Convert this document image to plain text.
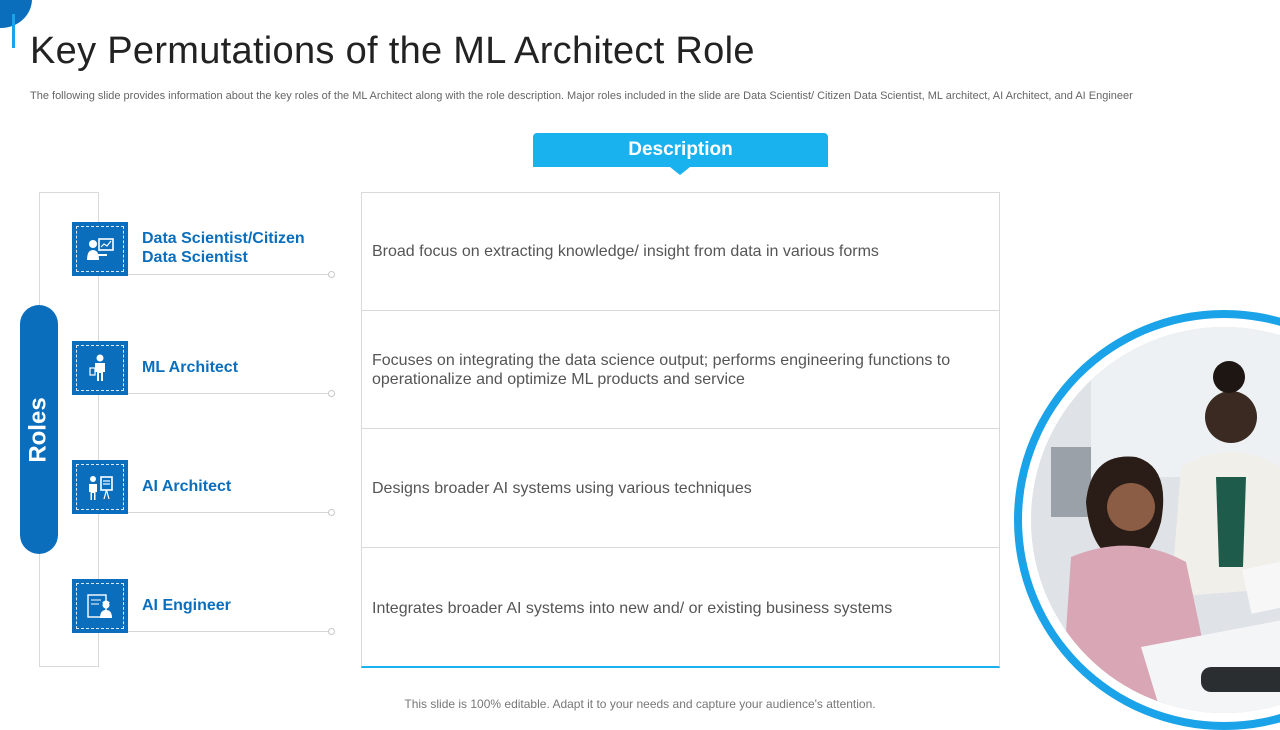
Key Permutations of the ML Architect Role

The following slide provides information about the key roles of the ML Architect along with the role description. Major roles included in the slide are Data Scientist/ Citizen Data Scientist, ML architect, AI Architect, and AI Engineer

Description
Roles
Data Scientist/Citizen Data Scientist
ML Architect
AI Architect
AI Engineer
Broad focus on extracting knowledge/ insight from data in various forms
Focuses on integrating the data science output; performs engineering functions to operationalize and optimize ML products and service
Designs broader AI systems using various techniques
Integrates broader AI systems into new and/ or existing business systems
This slide is 100% editable. Adapt it to your needs and capture your audience's attention.
